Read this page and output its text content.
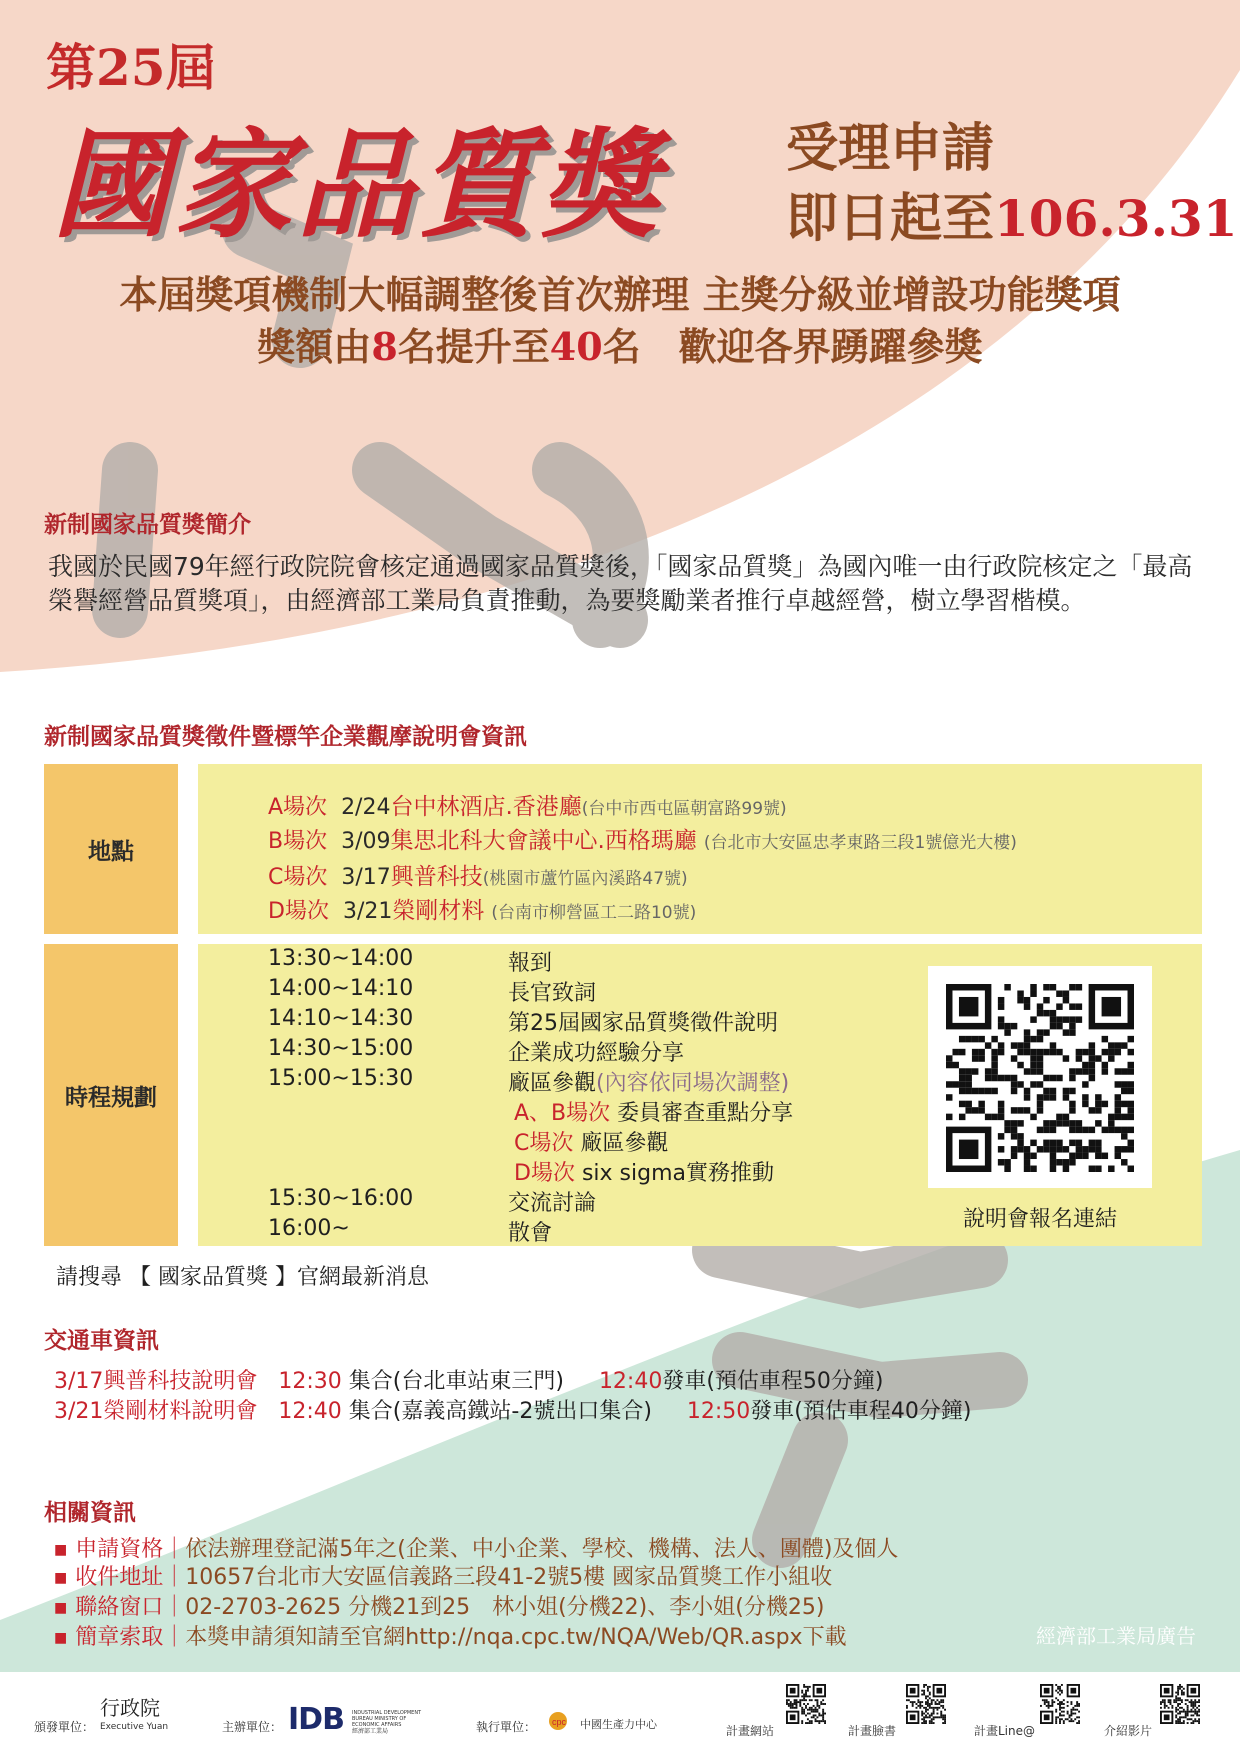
第25屆
國家品質獎 受理申請
即日起至106.3.31
本屆獎項機制大幅調整後首次辦理 主獎分級並增設功能獎項
獎額由8名提升至40名　歡迎各界踴躍參獎
新制國家品質獎簡介
我國於民國79年經行政院院會核定通過國家品質獎後，「國家品質獎」為國內唯一由行政院核定之「最高榮譽經營品質獎項」，由經濟部工業局負責推動，為要獎勵業者推行卓越經營，樹立學習楷模。
新制國家品質獎徵件暨標竿企業觀摩說明會資訊
地點
A場次 2/24台中林酒店.香港廳(台中市西屯區朝富路99號)
B場次 3/09集思北科大會議中心.西格瑪廳 (台北市大安區忠孝東路三段1號億光大樓)
C場次 3/17興普科技(桃園市蘆竹區內溪路47號)
D場次 3/21榮剛材料 (台南市柳營區工二路10號)
時程規劃
13:30~14:00	報到
14:00~14:10	長官致詞
14:10~14:30	第25屆國家品質獎徵件說明
14:30~15:00	企業成功經驗分享
15:00~15:30	廠區參觀(內容依同場次調整)
A、B場次 委員審查重點分享
C場次 廠區參觀
D場次 six sigma實務推動
15:30~16:00	交流討論
16:00~	散會
說明會報名連結
請搜尋 【 國家品質獎 】官網最新消息
交通車資訊
3/17興普科技說明會 12:30 集合(台北車站東三門) 12:40發車(預估車程50分鐘)
3/21榮剛材料說明會 12:40 集合(嘉義高鐵站-2號出口集合) 12:50發車(預估車程40分鐘)
相關資訊
■ 申請資格｜依法辦理登記滿5年之(企業、中小企業、學校、機構、法人、團體)及個人
■ 收件地址｜10657台北市大安區信義路三段41-2號5樓 國家品質獎工作小組收
■ 聯絡窗口｜02-2703-2625 分機21到25　林小姐(分機22)、李小姐(分機25)
■ 簡章索取｜本獎申請須知請至官網http://nqa.cpc.tw/NQA/Web/QR.aspx下載	經濟部工業局廣告
頒發單位：
行政院
Executive Yuan	主辦單位： IDB INDUSTRIAL DEVELOPMENT BUREAU MINISTRY OF ECONOMIC AFFAIRS
經濟部工業局	執行單位： cpc 中國生產力中心	計畫網站	計畫臉書	計畫Line@	介紹影片
